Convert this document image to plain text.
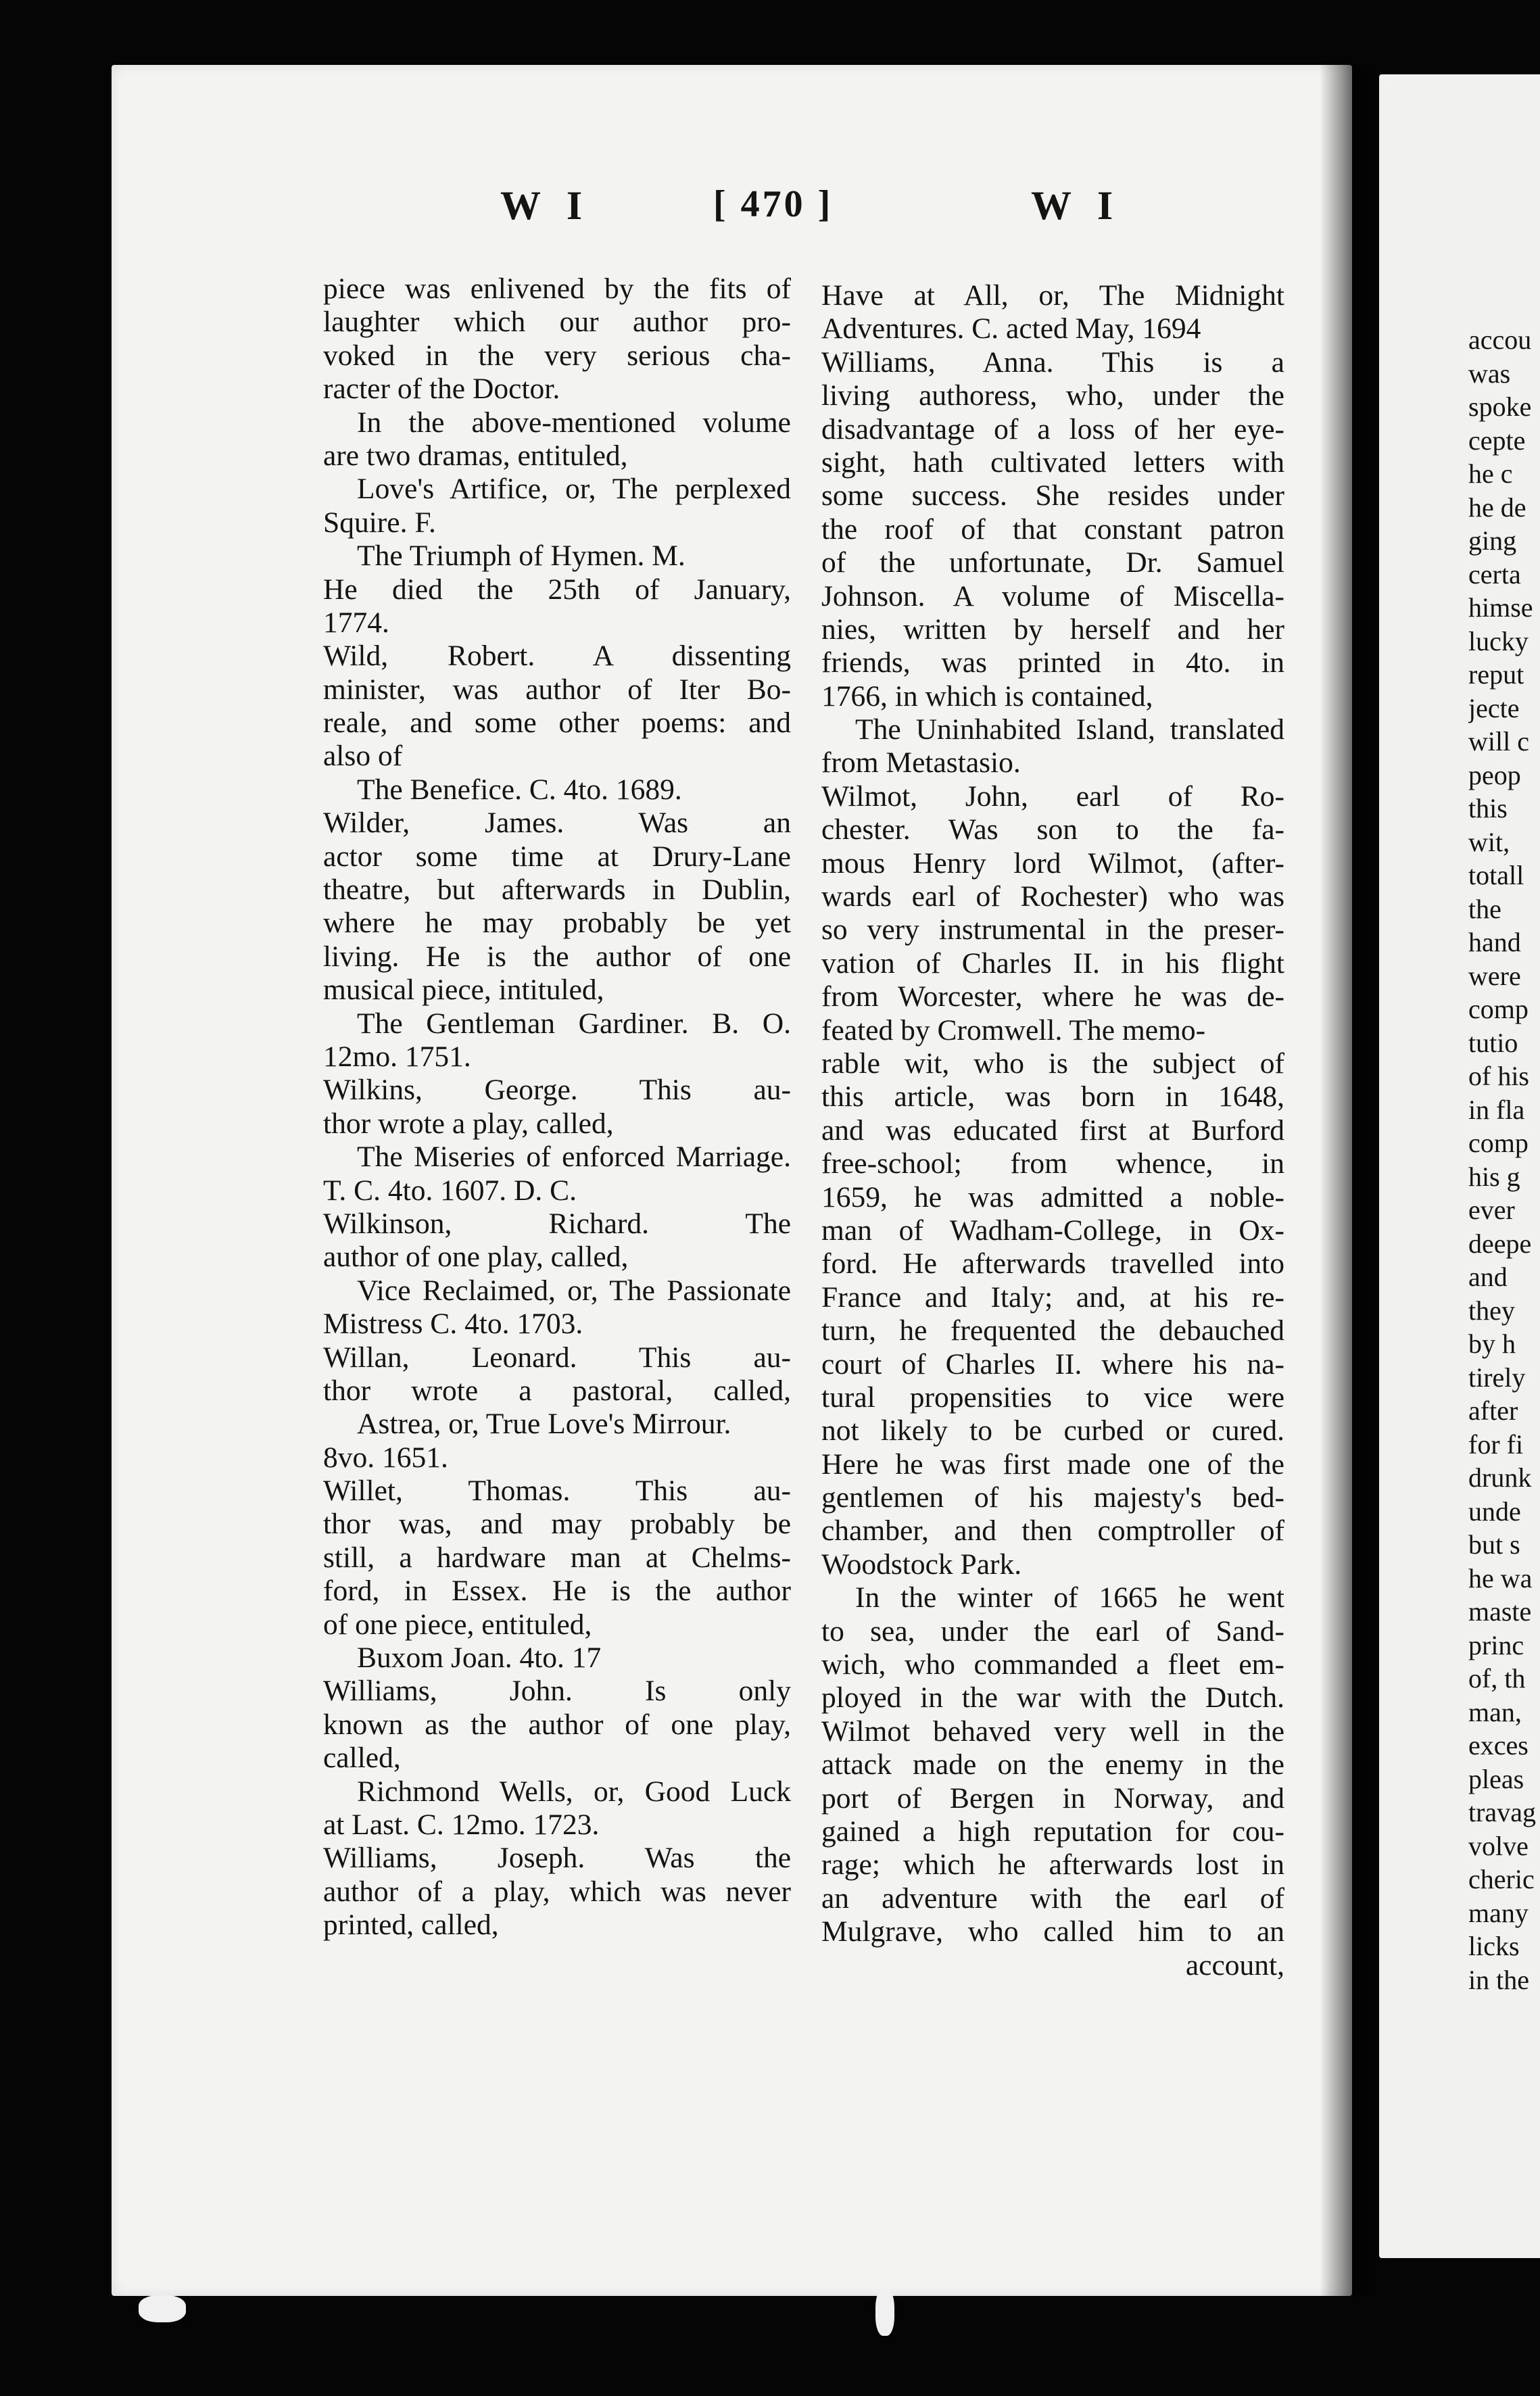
W I	[ 470 ]	W I
piece was enlivened by the fits of
laughter which our author pro-
voked in the very serious cha-
racter of the Doctor.
In the above-mentioned volume
are two dramas, entituled,
Love's Artifice, or, The perplexed
Squire. F.
The Triumph of Hymen. M.
He died the 25th of January,
1774.
Wild, Robert. A dissenting
minister, was author of Iter Bo-
reale, and some other poems: and
also of
The Benefice. C. 4to. 1689.
Wilder, James. Was an
actor some time at Drury-Lane
theatre, but afterwards in Dublin,
where he may probably be yet
living. He is the author of one
musical piece, intituled,
The Gentleman Gardiner. B. O.
12mo. 1751.
Wilkins, George. This au-
thor wrote a play, called,
The Miseries of enforced Marriage.
T. C. 4to. 1607. D. C.
Wilkinson, Richard. The
author of one play, called,
Vice Reclaimed, or, The Passionate
Mistress C. 4to. 1703.
Willan, Leonard. This au-
thor wrote a pastoral, called,
Astrea, or, True Love's Mirrour.
8vo. 1651.
Willet, Thomas. This au-
thor was, and may probably be
still, a hardware man at Chelms-
ford, in Essex. He is the author
of one piece, entituled,
Buxom Joan. 4to. 17
Williams, John. Is only
known as the author of one play,
called,
Richmond Wells, or, Good Luck
at Last. C. 12mo. 1723.
Williams, Joseph. Was the
author of a play, which was never
printed, called,
Have at All, or, The Midnight
Adventures. C. acted May, 1694
Williams, Anna. This is a
living authoress, who, under the
disadvantage of a loss of her eye-
sight, hath cultivated letters with
some success. She resides under
the roof of that constant patron
of the unfortunate, Dr. Samuel
Johnson. A volume of Miscella-
nies, written by herself and her
friends, was printed in 4to. in
1766, in which is contained,
The Uninhabited Island, translated
from Metastasio.
Wilmot, John, earl of Ro-
chester. Was son to the fa-
mous Henry lord Wilmot, (after-
wards earl of Rochester) who was
so very instrumental in the preser-
vation of Charles II. in his flight
from Worcester, where he was de-
feated by Cromwell. The memo-
rable wit, who is the subject of
this article, was born in 1648,
and was educated first at Burford
free-school; from whence, in
1659, he was admitted a noble-
man of Wadham-College, in Ox-
ford. He afterwards travelled into
France and Italy; and, at his re-
turn, he frequented the debauched
court of Charles II. where his na-
tural propensities to vice were
not likely to be curbed or cured.
Here he was first made one of the
gentlemen of his majesty's bed-
chamber, and then comptroller of
Woodstock Park.
In the winter of 1665 he went
to sea, under the earl of Sand-
wich, who commanded a fleet em-
ployed in the war with the Dutch.
Wilmot behaved very well in the
attack made on the enemy in the
port of Bergen in Norway, and
gained a high reputation for cou-
rage; which he afterwards lost in
an adventure with the earl of
Mulgrave, who called him to an
account,
accou
was
spoke
cepte
he c
he de
ging
certa
himse
lucky
reput
jecte
will c
peop
this
wit,
totall
the
hand
were
comp
tutio
of his
in fla
comp
his g
ever
deepe
and
they
by h
tirely
after
for fi
drunk
unde
but s
he wa
maste
princ
of, th
man,
exces
pleas
travag
volve
cheric
many
licks
in the
